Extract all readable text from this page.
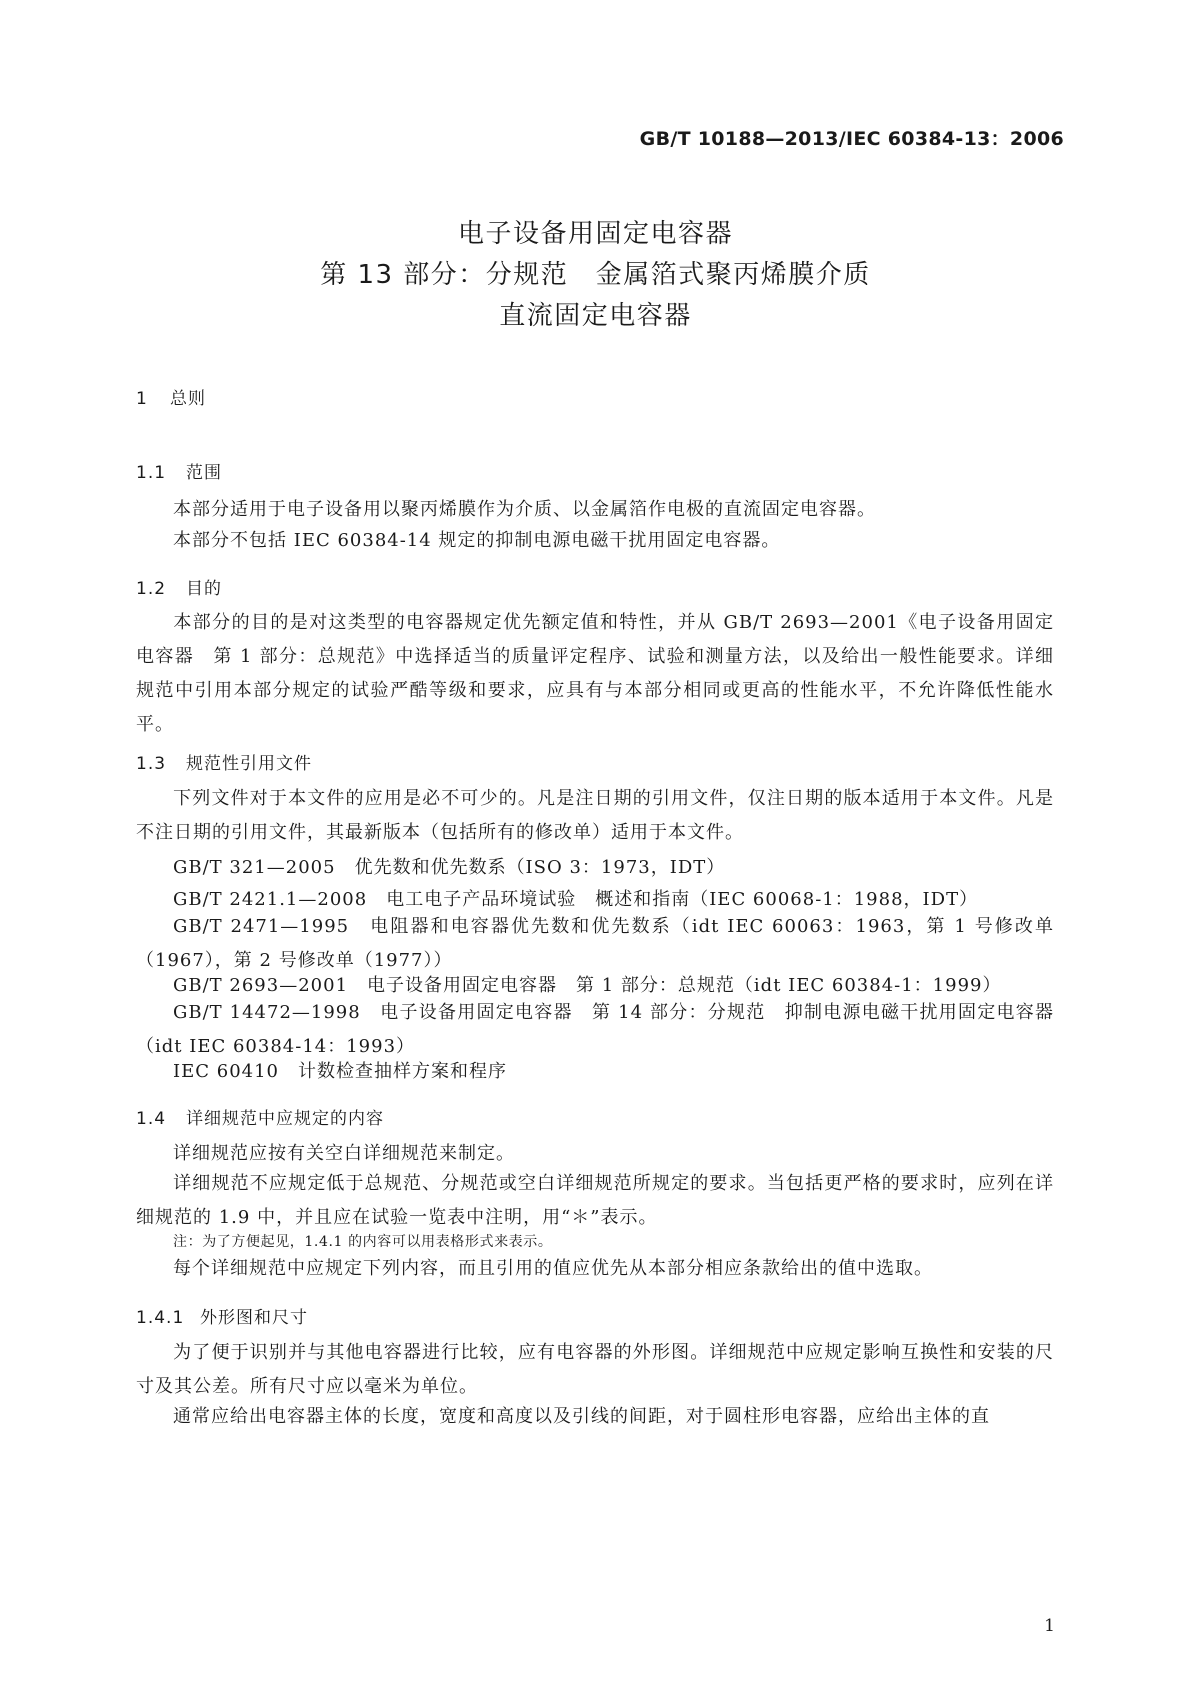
GB/T 10188—2013/IEC 60384-13：2006
电子设备用固定电容器
第 13 部分：分规范　金属箔式聚丙烯膜介质
直流固定电容器
1 总则
1.1 范围
本部分适用于电子设备用以聚丙烯膜作为介质、以金属箔作电极的直流固定电容器。
本部分不包括 IEC 60384-14 规定的抑制电源电磁干扰用固定电容器。
1.2 目的
本部分的目的是对这类型的电容器规定优先额定值和特性，并从 GB/T 2693—2001《电子设备用固定电容器　第 1 部分：总规范》中选择适当的质量评定程序、试验和测量方法，以及给出一般性能要求。详细规范中引用本部分规定的试验严酷等级和要求，应具有与本部分相同或更高的性能水平，不允许降低性能水平。
1.3 规范性引用文件
下列文件对于本文件的应用是必不可少的。凡是注日期的引用文件，仅注日期的版本适用于本文件。凡是不注日期的引用文件，其最新版本（包括所有的修改单）适用于本文件。
GB/T 321—2005　优先数和优先数系（ISO 3：1973，IDT）
GB/T 2421.1—2008　电工电子产品环境试验　概述和指南（IEC 60068-1：1988，IDT）
GB/T 2471—1995　电阻器和电容器优先数和优先数系（idt IEC 60063：1963，第 1 号修改单（1967），第 2 号修改单（1977））
GB/T 2693—2001　电子设备用固定电容器　第 1 部分：总规范（idt IEC 60384-1：1999）
GB/T 14472—1998　电子设备用固定电容器　第 14 部分：分规范　抑制电源电磁干扰用固定电容器（idt IEC 60384-14：1993）
IEC 60410　计数检查抽样方案和程序
1.4 详细规范中应规定的内容
详细规范应按有关空白详细规范来制定。
详细规范不应规定低于总规范、分规范或空白详细规范所规定的要求。当包括更严格的要求时，应列在详细规范的 1.9 中，并且应在试验一览表中注明，用“＊”表示。
注：为了方便起见，1.4.1 的内容可以用表格形式来表示。
每个详细规范中应规定下列内容，而且引用的值应优先从本部分相应条款给出的值中选取。
1.4.1 外形图和尺寸
为了便于识别并与其他电容器进行比较，应有电容器的外形图。详细规范中应规定影响互换性和安装的尺寸及其公差。所有尺寸应以毫米为单位。
通常应给出电容器主体的长度，宽度和高度以及引线的间距，对于圆柱形电容器，应给出主体的直
1
